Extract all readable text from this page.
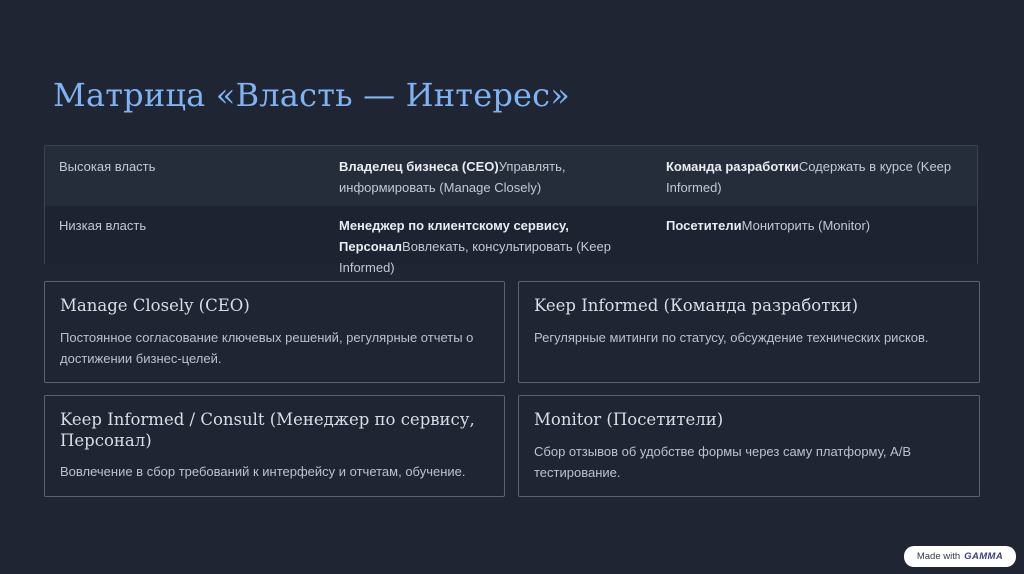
Матрица «Власть — Интерес»
Высокая власть	Владелец бизнеса (CEO)Управлять, информировать (Manage Closely)
Команда разработкиСодержать в курсе (Keep Informed)
Низкая власть	Менеджер по клиентскому сервису, ПерсоналВовлекать, консультировать (Keep Informed)
ПосетителиМониторить (Monitor)
Manage Closely (CEO)
Постоянное согласование ключевых решений, регулярные отчеты о достижении бизнес-целей.
Keep Informed (Команда разработки)
Регулярные митинги по статусу, обсуждение технических рисков.
Keep Informed / Consult (Менеджер по сервису, Персонал)
Вовлечение в сбор требований к интерфейсу и отчетам, обучение.
Monitor (Посетители)
Сбор отзывов об удобстве формы через саму платформу, A/B тестирование.
Made with GAMMA
